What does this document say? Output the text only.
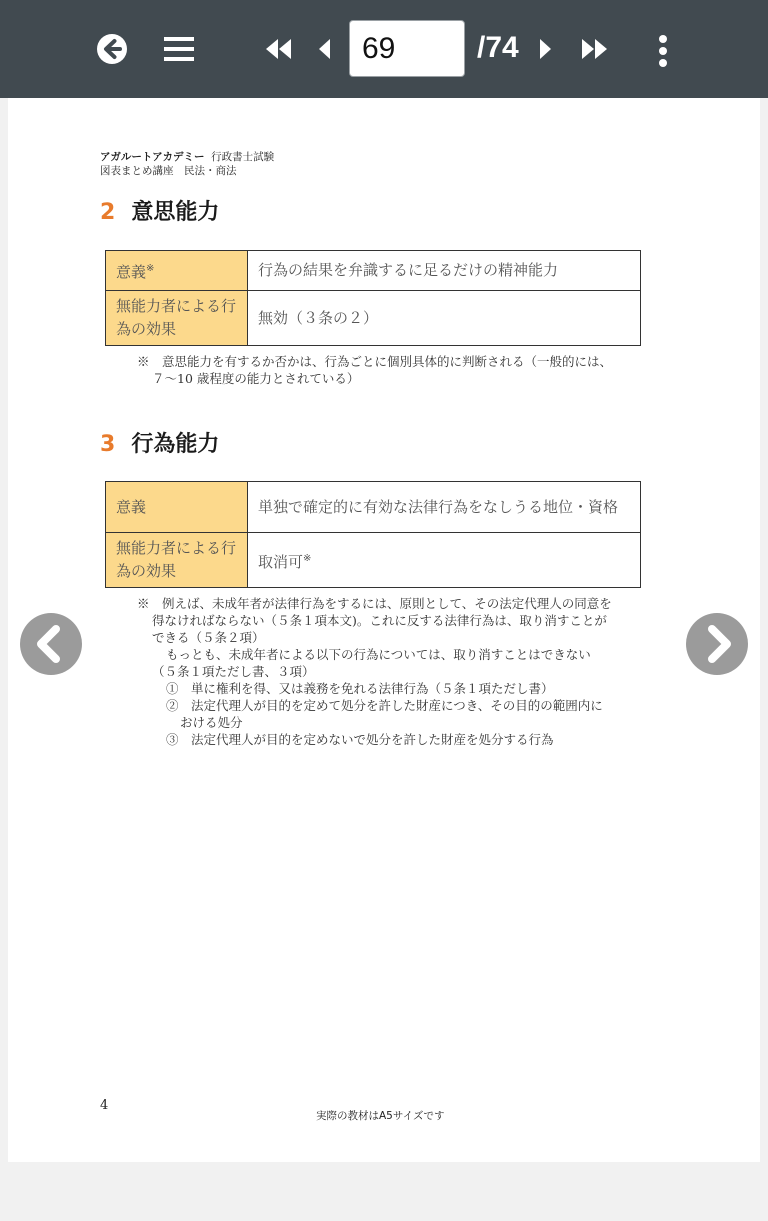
69
/74
アガルートアカデミー 行政書士試験
図表まとめ講座　民法・商法
2 意思能力
意義※	行為の結果を弁識するに足るだけの精神能力
無能力者による行為の効果	無効（３条の２）

※　意思能力を有するか否かは、行為ごとに個別具体的に判断される（一般的には、７～10 歳程度の能力とされている）

3 行為能力
意義	単独で確定的に有効な法律行為をなしうる地位・資格
無能力者による行為の効果	取消可※

※　例えば、未成年者が法律行為をするには、原則として、その法定代理人の同意を得なければならない（５条１項本文)。これに反する法律行為は、取り消すことができる（５条２項）

もっとも、未成年者による以下の行為については、取り消すことはできない（５条１項ただし書、３項）

①　単に権利を得、又は義務を免れる法律行為（５条１項ただし書）

②　法定代理人が目的を定めて処分を許した財産につき、その目的の範囲内における処分

③　法定代理人が目的を定めないで処分を許した財産を処分する行為

4
実際の教材はA5サイズです
